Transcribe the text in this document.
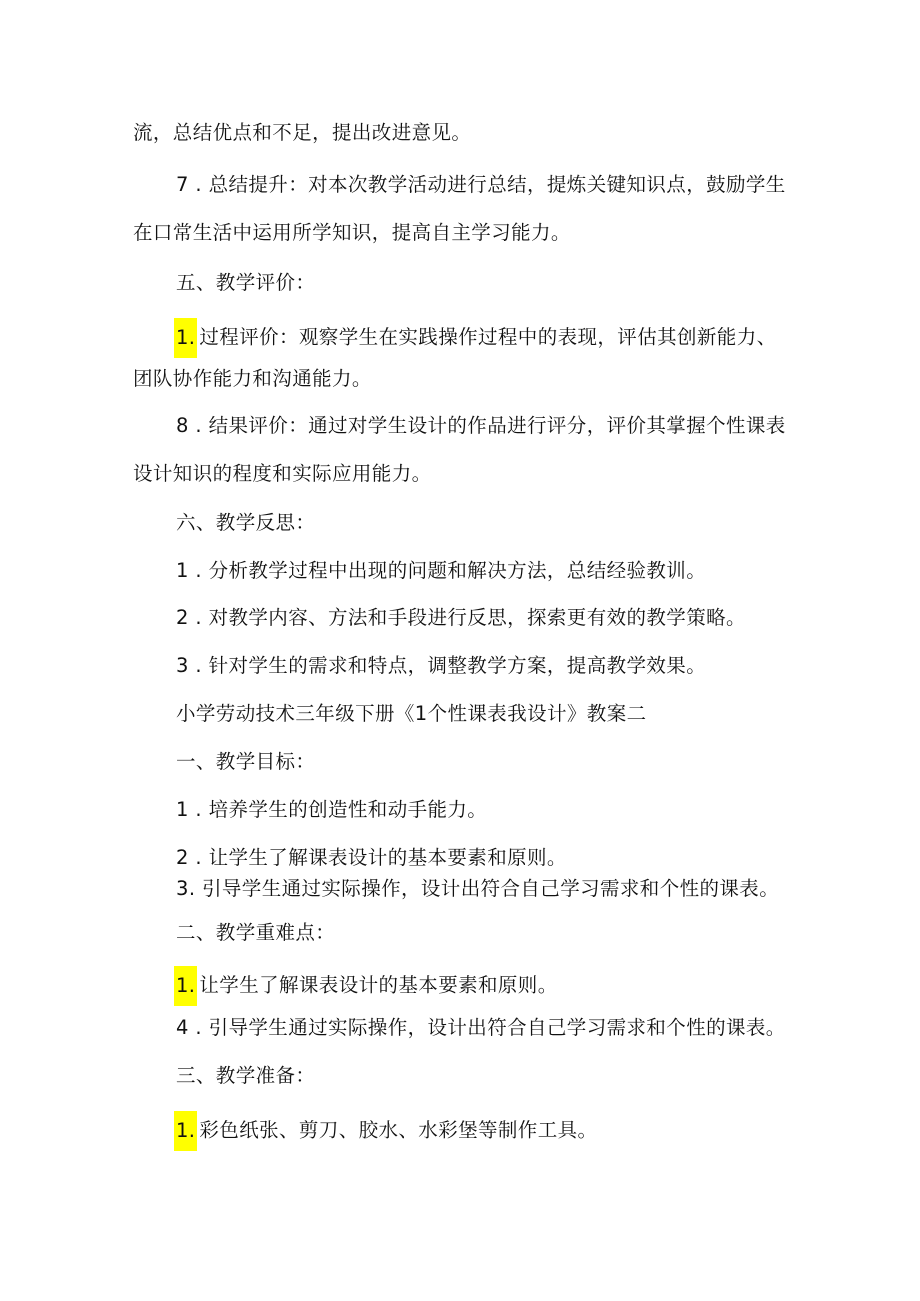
流，总结优点和不足，提出改进意见。
7 . 总结提升：对本次教学活动进行总结，提炼关键知识点，鼓励学生
在口常生活中运用所学知识，提高自主学习能力。
五、教学评价：
1. 过程评价：观察学生在实践操作过程中的表现，评估其创新能力、
团队协作能力和沟通能力。
8 . 结果评价：通过对学生设计的作品进行评分，评价其掌握个性课表
设计知识的程度和实际应用能力。
六、教学反思：
1 . 分析教学过程中出现的问题和解决方法，总结经验教训。
2 . 对教学内容、方法和手段进行反思，探索更有效的教学策略。
3 . 针对学生的需求和特点，调整教学方案，提高教学效果。
小学劳动技术三年级下册《1个性课表我设计》教案二
一、教学目标：
1 . 培养学生的创造性和动手能力。
2 . 让学生了解课表设计的基本要素和原则。
3. 引导学生通过实际操作，设计出符合自己学习需求和个性的课表。
二、教学重难点：
1. 让学生了解课表设计的基本要素和原则。
4 . 引导学生通过实际操作，设计出符合自己学习需求和个性的课表。
三、教学准备：
1. 彩色纸张、剪刀、胶水、水彩堡等制作工具。
